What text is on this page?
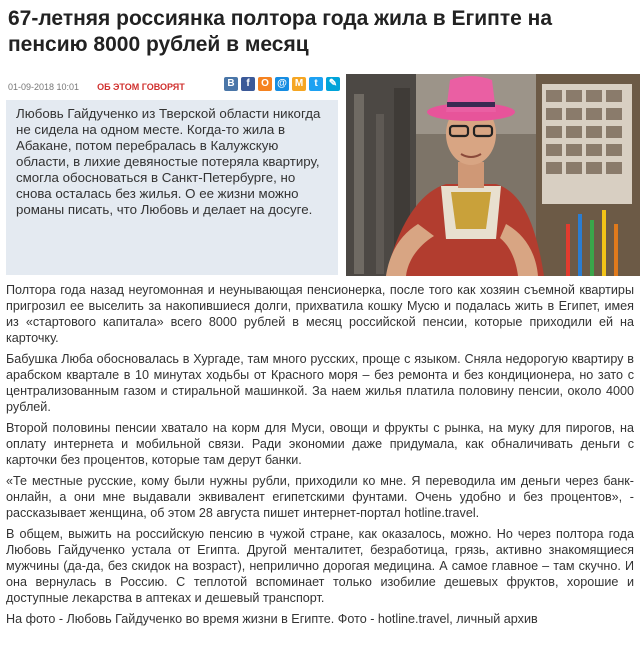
67-летняя россиянка полтора года жила в Египте на пенсию 8000 рублей в месяц
01-09-2018 10:01 ОБ ЭТОМ ГОВОРЯТ	В	f	О @ М	t	✎
Любовь Гайдученко из Тверской области никогда не сидела на одном месте. Когда-то жила в Абакане, потом перебралась в Калужскую области, в лихие девяностые потеряла квартиру, смогла обосноваться в Санкт-Петербурге, но снова осталась без жилья. О ее жизни можно романы писать, что Любовь и делает на досуге.

Полтора года назад неугомонная и неунывающая пенсионерка, после того как хозяин съемной квартиры пригрозил ее выселить за накопившиеся долги, прихватила кошку Мусю и подалась жить в Египет, имея из «стартового капитала» всего 8000 рублей в месяц российской пенсии, которые приходили ей на карточку.

Бабушка Люба обосновалась в Хургаде, там много русских, проще с языком. Сняла недорогую квартиру в арабском квартале в 10 минутах ходьбы от Красного моря – без ремонта и без кондиционера, но зато с централизованным газом и стиральной машинкой. За наем жилья платила половину пенсии, около 4000 рублей.

Второй половины пенсии хватало на корм для Муси, овощи и фрукты с рынка, на муку для пирогов, на оплату интернета и мобильной связи. Ради экономии даже придумала, как обналичивать деньги с карточки без процентов, которые там дерут банки.

«Те местные русские, кому были нужны рубли, приходили ко мне. Я переводила им деньги через банк-онлайн, а они мне выдавали эквивалент египетскими фунтами. Очень удобно и без процентов», - рассказывает женщина, об этом 28 августа пишет интернет-портал hotline.travel.

В общем, выжить на российскую пенсию в чужой стране, как оказалось, можно. Но через полтора года Любовь Гайдученко устала от Египта. Другой менталитет, безработица, грязь, активно знакомящиеся мужчины (да-да, без скидок на возраст), неприлично дорогая медицина. А самое главное – там скучно. И она вернулась в Россию. С теплотой вспоминает только изобилие дешевых фруктов, хорошие и доступные лекарства в аптеках и дешевый транспорт.

На фото - Любовь Гайдученко во время жизни в Египте. Фото - hotline.travel, личный архив
